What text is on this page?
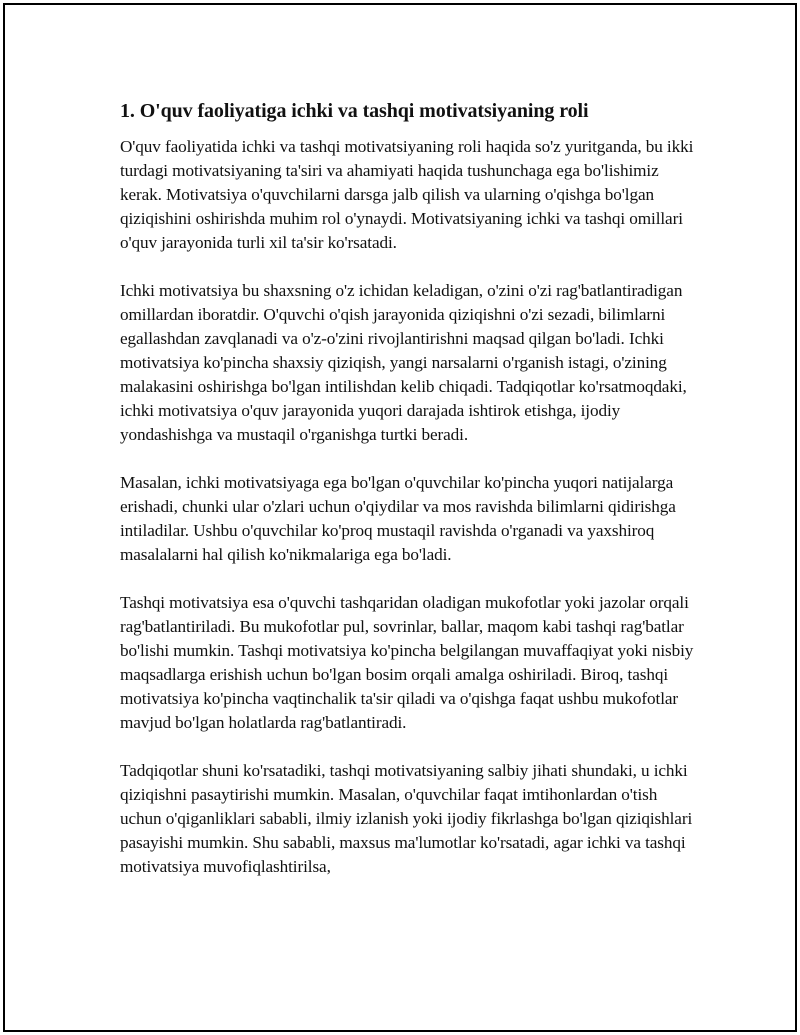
1. O'quv faoliyatiga ichki va tashqi motivatsiyaning roli

O'quv faoliyatida ichki va tashqi motivatsiyaning roli haqida so'z yuritganda, bu ikki turdagi motivatsiyaning ta'siri va ahamiyati haqida tushunchaga ega bo'lishimiz kerak. Motivatsiya o'quvchilarni darsga jalb qilish va ularning o'qishga bo'lgan qiziqishini oshirishda muhim rol o'ynaydi. Motivatsiyaning ichki va tashqi omillari o'quv jarayonida turli xil ta'sir ko'rsatadi.

Ichki motivatsiya bu shaxsning o'z ichidan keladigan, o'zini o'zi rag'batlantiradigan omillardan iboratdir. O'quvchi o'qish jarayonida qiziqishni o'zi sezadi, bilimlarni egallashdan zavqlanadi va o'z-o'zini rivojlantirishni maqsad qilgan bo'ladi. Ichki motivatsiya ko'pincha shaxsiy qiziqish, yangi narsalarni o'rganish istagi, o'zining malakasini oshirishga bo'lgan intilishdan kelib chiqadi. Tadqiqotlar ko'rsatmoqdaki, ichki motivatsiya o'quv jarayonida yuqori darajada ishtirok etishga, ijodiy yondashishga va mustaqil o'rganishga turtki beradi.

Masalan, ichki motivatsiyaga ega bo'lgan o'quvchilar ko'pincha yuqori natijalarga erishadi, chunki ular o'zlari uchun o'qiydilar va mos ravishda bilimlarni qidirishga intiladilar. Ushbu o'quvchilar ko'proq mustaqil ravishda o'rganadi va yaxshiroq masalalarni hal qilish ko'nikmalariga ega bo'ladi.

Tashqi motivatsiya esa o'quvchi tashqaridan oladigan mukofotlar yoki jazolar orqali rag'batlantiriladi. Bu mukofotlar pul, sovrinlar, ballar, maqom kabi tashqi rag'batlar bo'lishi mumkin. Tashqi motivatsiya ko'pincha belgilangan muvaffaqiyat yoki nisbiy maqsadlarga erishish uchun bo'lgan bosim orqali amalga oshiriladi. Biroq, tashqi motivatsiya ko'pincha vaqtinchalik ta'sir qiladi va o'qishga faqat ushbu mukofotlar mavjud bo'lgan holatlarda rag'batlantiradi.

Tadqiqotlar shuni ko'rsatadiki, tashqi motivatsiyaning salbiy jihati shundaki, u ichki qiziqishni pasaytirishi mumkin. Masalan, o'quvchilar faqat imtihonlardan o'tish uchun o'qiganliklari sababli, ilmiy izlanish yoki ijodiy fikrlashga bo'lgan qiziqishlari pasayishi mumkin. Shu sababli, maxsus ma'lumotlar ko'rsatadi, agar ichki va tashqi motivatsiya muvofiqlashtirilsa,
